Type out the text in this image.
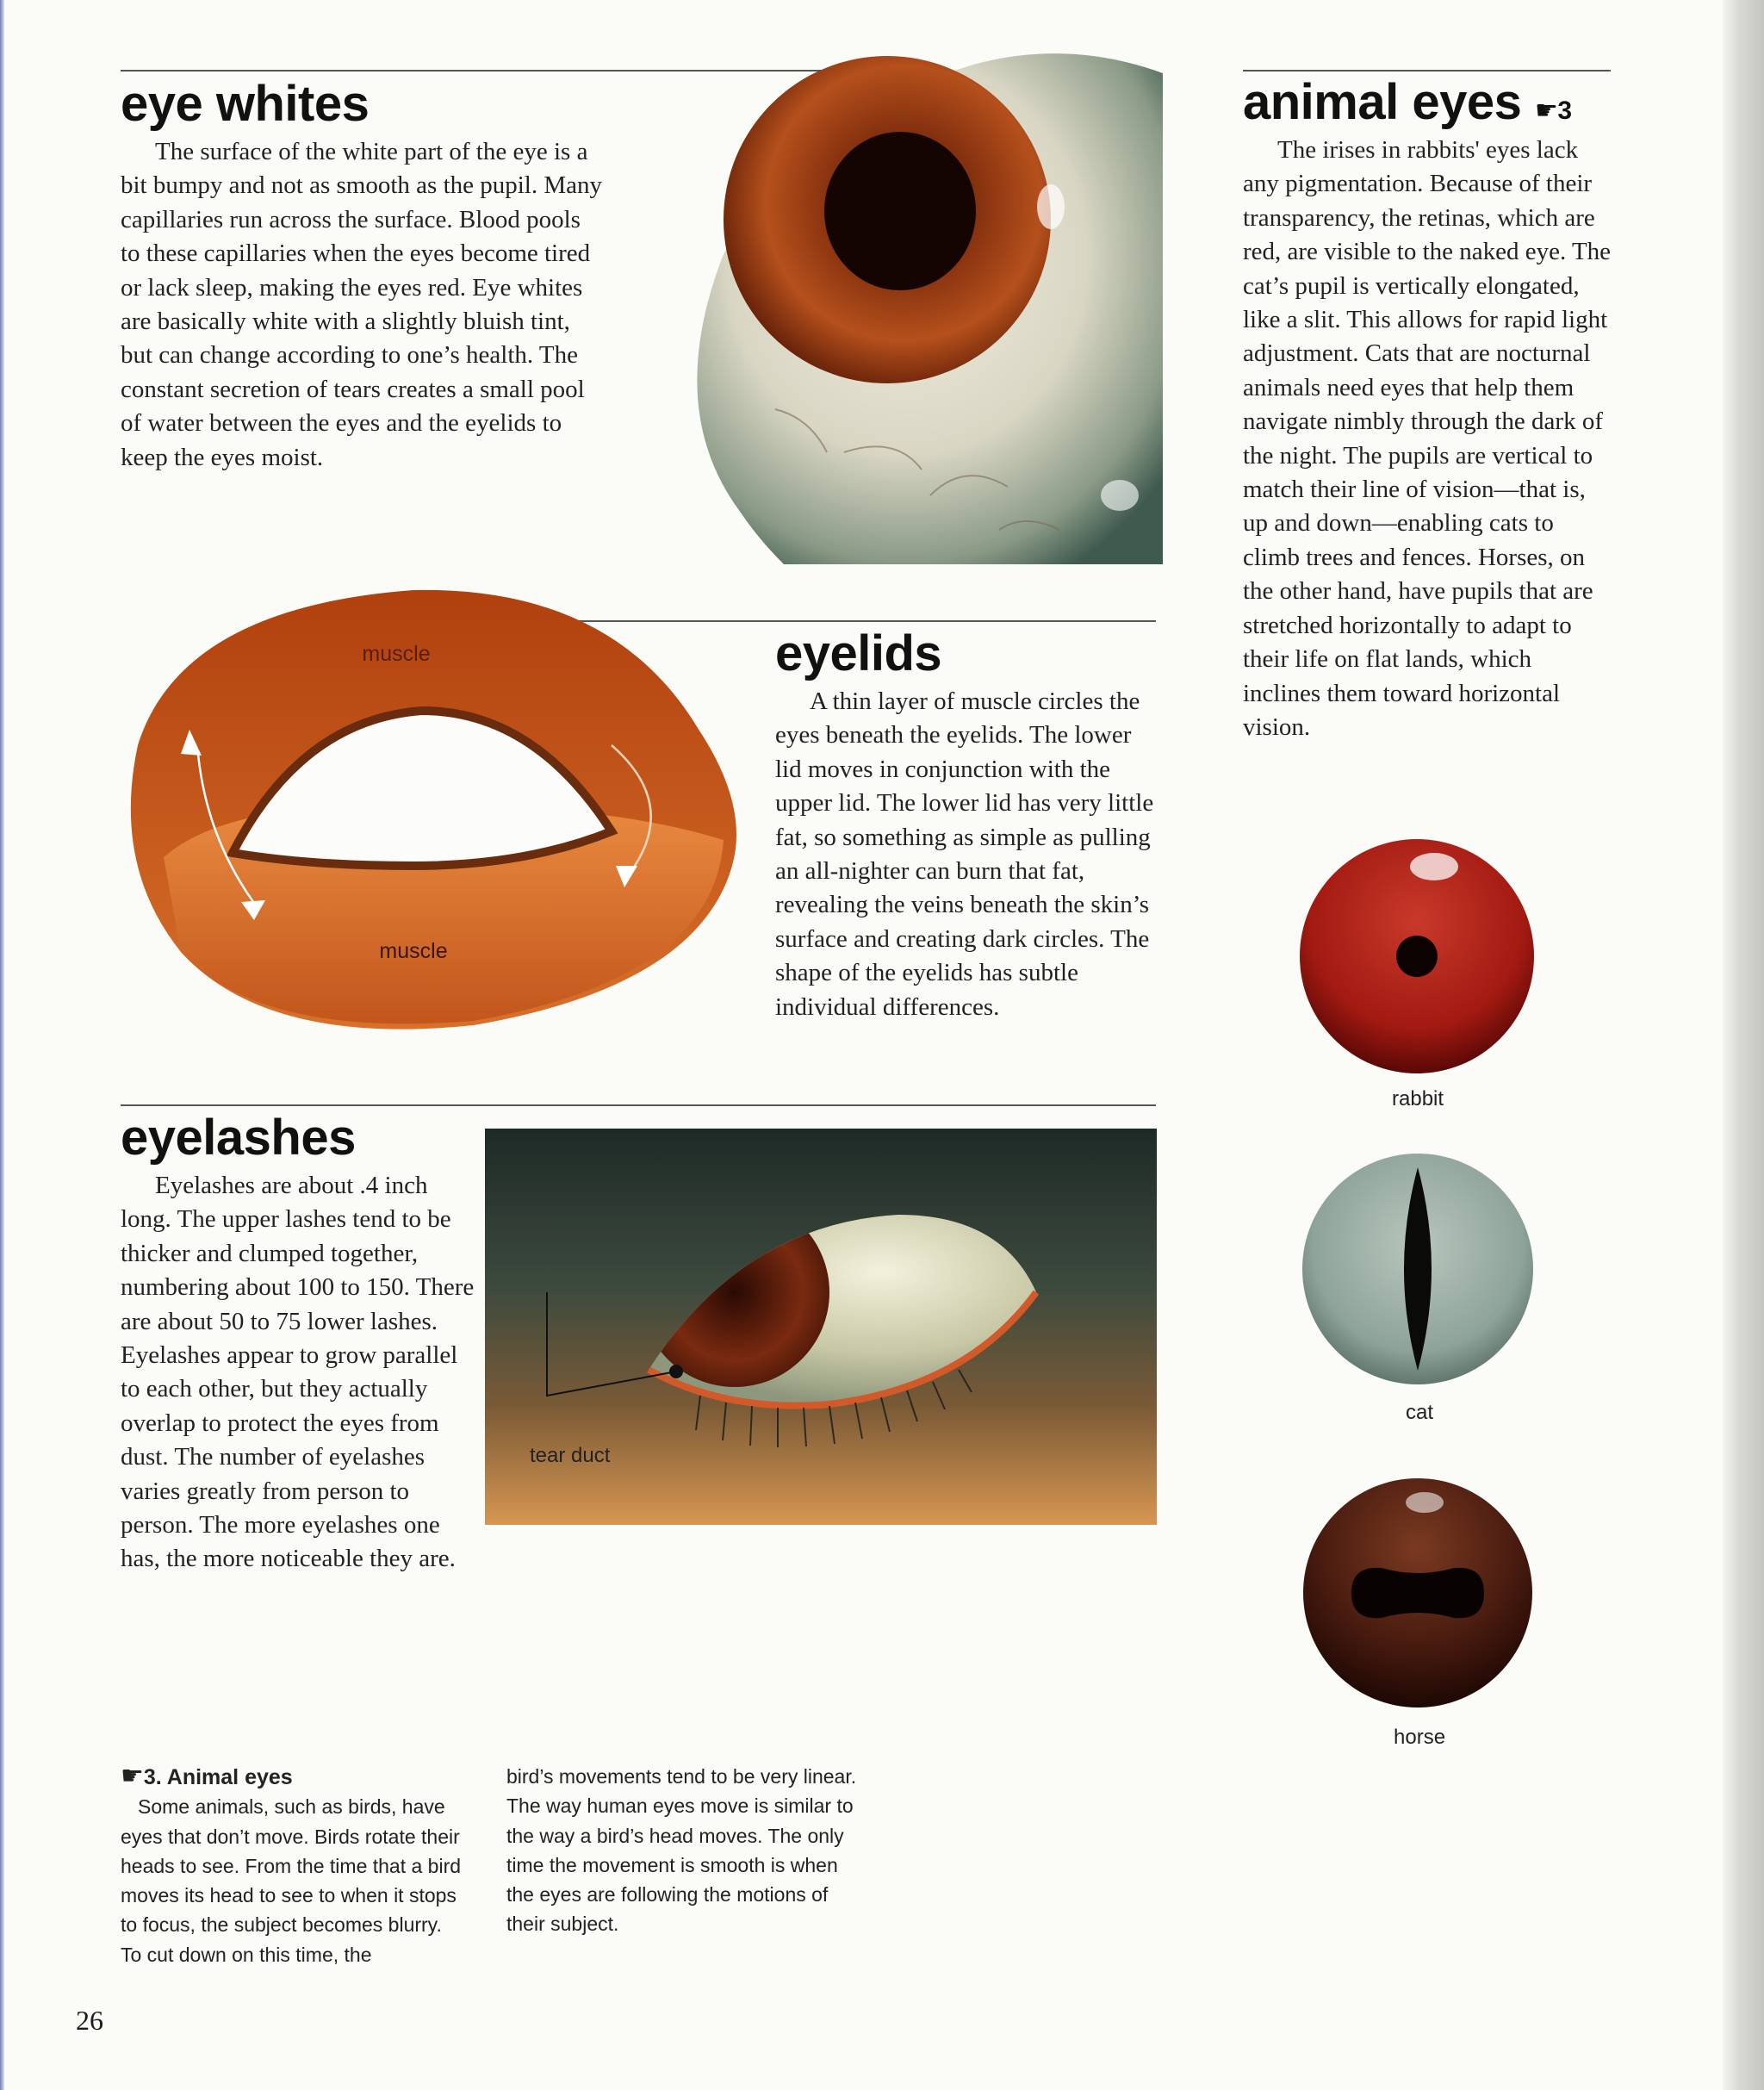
eye whites

The surface of the white part of the eye is a bit bumpy and not as smooth as the pupil. Many capillaries run across the surface. Blood pools to these capillaries when the eyes become tired or lack sleep, making the eyes red. Eye whites are basically white with a slightly bluish tint, but can change according to one’s health. The constant secretion of tears creates a small pool of water between the eyes and the eyelids to keep the eyes moist.

eyelids

A thin layer of muscle circles the eyes beneath the eyelids. The lower lid moves in conjunction with the upper lid. The lower lid has very little fat, so something as simple as pulling an all-nighter can burn that fat, revealing the veins beneath the skin’s surface and creating dark circles. The shape of the eyelids has subtle individual differences.

muscle
muscle
eyelashes

Eyelashes are about .4 inch long. The upper lashes tend to be thicker and clumped together, numbering about 100 to 150. There are about 50 to 75 lower lashes. Eyelashes appear to grow parallel to each other, but they actually overlap to protect the eyes from dust. The number of eyelashes varies greatly from person to person. The more eyelashes one has, the more noticeable they are.

tear duct
animal eyes ☛3

The irises in rabbits' eyes lack any pigmentation. Because of their transparency, the retinas, which are red, are visible to the naked eye. The cat’s pupil is vertically elongated, like a slit. This allows for rapid light adjustment. Cats that are nocturnal animals need eyes that help them navigate nimbly through the dark of the night. The pupils are vertical to match their line of vision—that is, up and down—enabling cats to climb trees and fences. Horses, on the other hand, have pupils that are stretched horizontally to adapt to their life on flat lands, which inclines them toward horizontal vision.

rabbit
cat
horse
☛3. Animal eyes

Some animals, such as birds, have eyes that don’t move. Birds rotate their heads to see. From the time that a bird moves its head to see to when it stops to focus, the subject becomes blurry. To cut down on this time, the

bird’s movements tend to be very linear. The way human eyes move is similar to the way a bird’s head moves. The only time the movement is smooth is when the eyes are following the motions of their subject.

26
